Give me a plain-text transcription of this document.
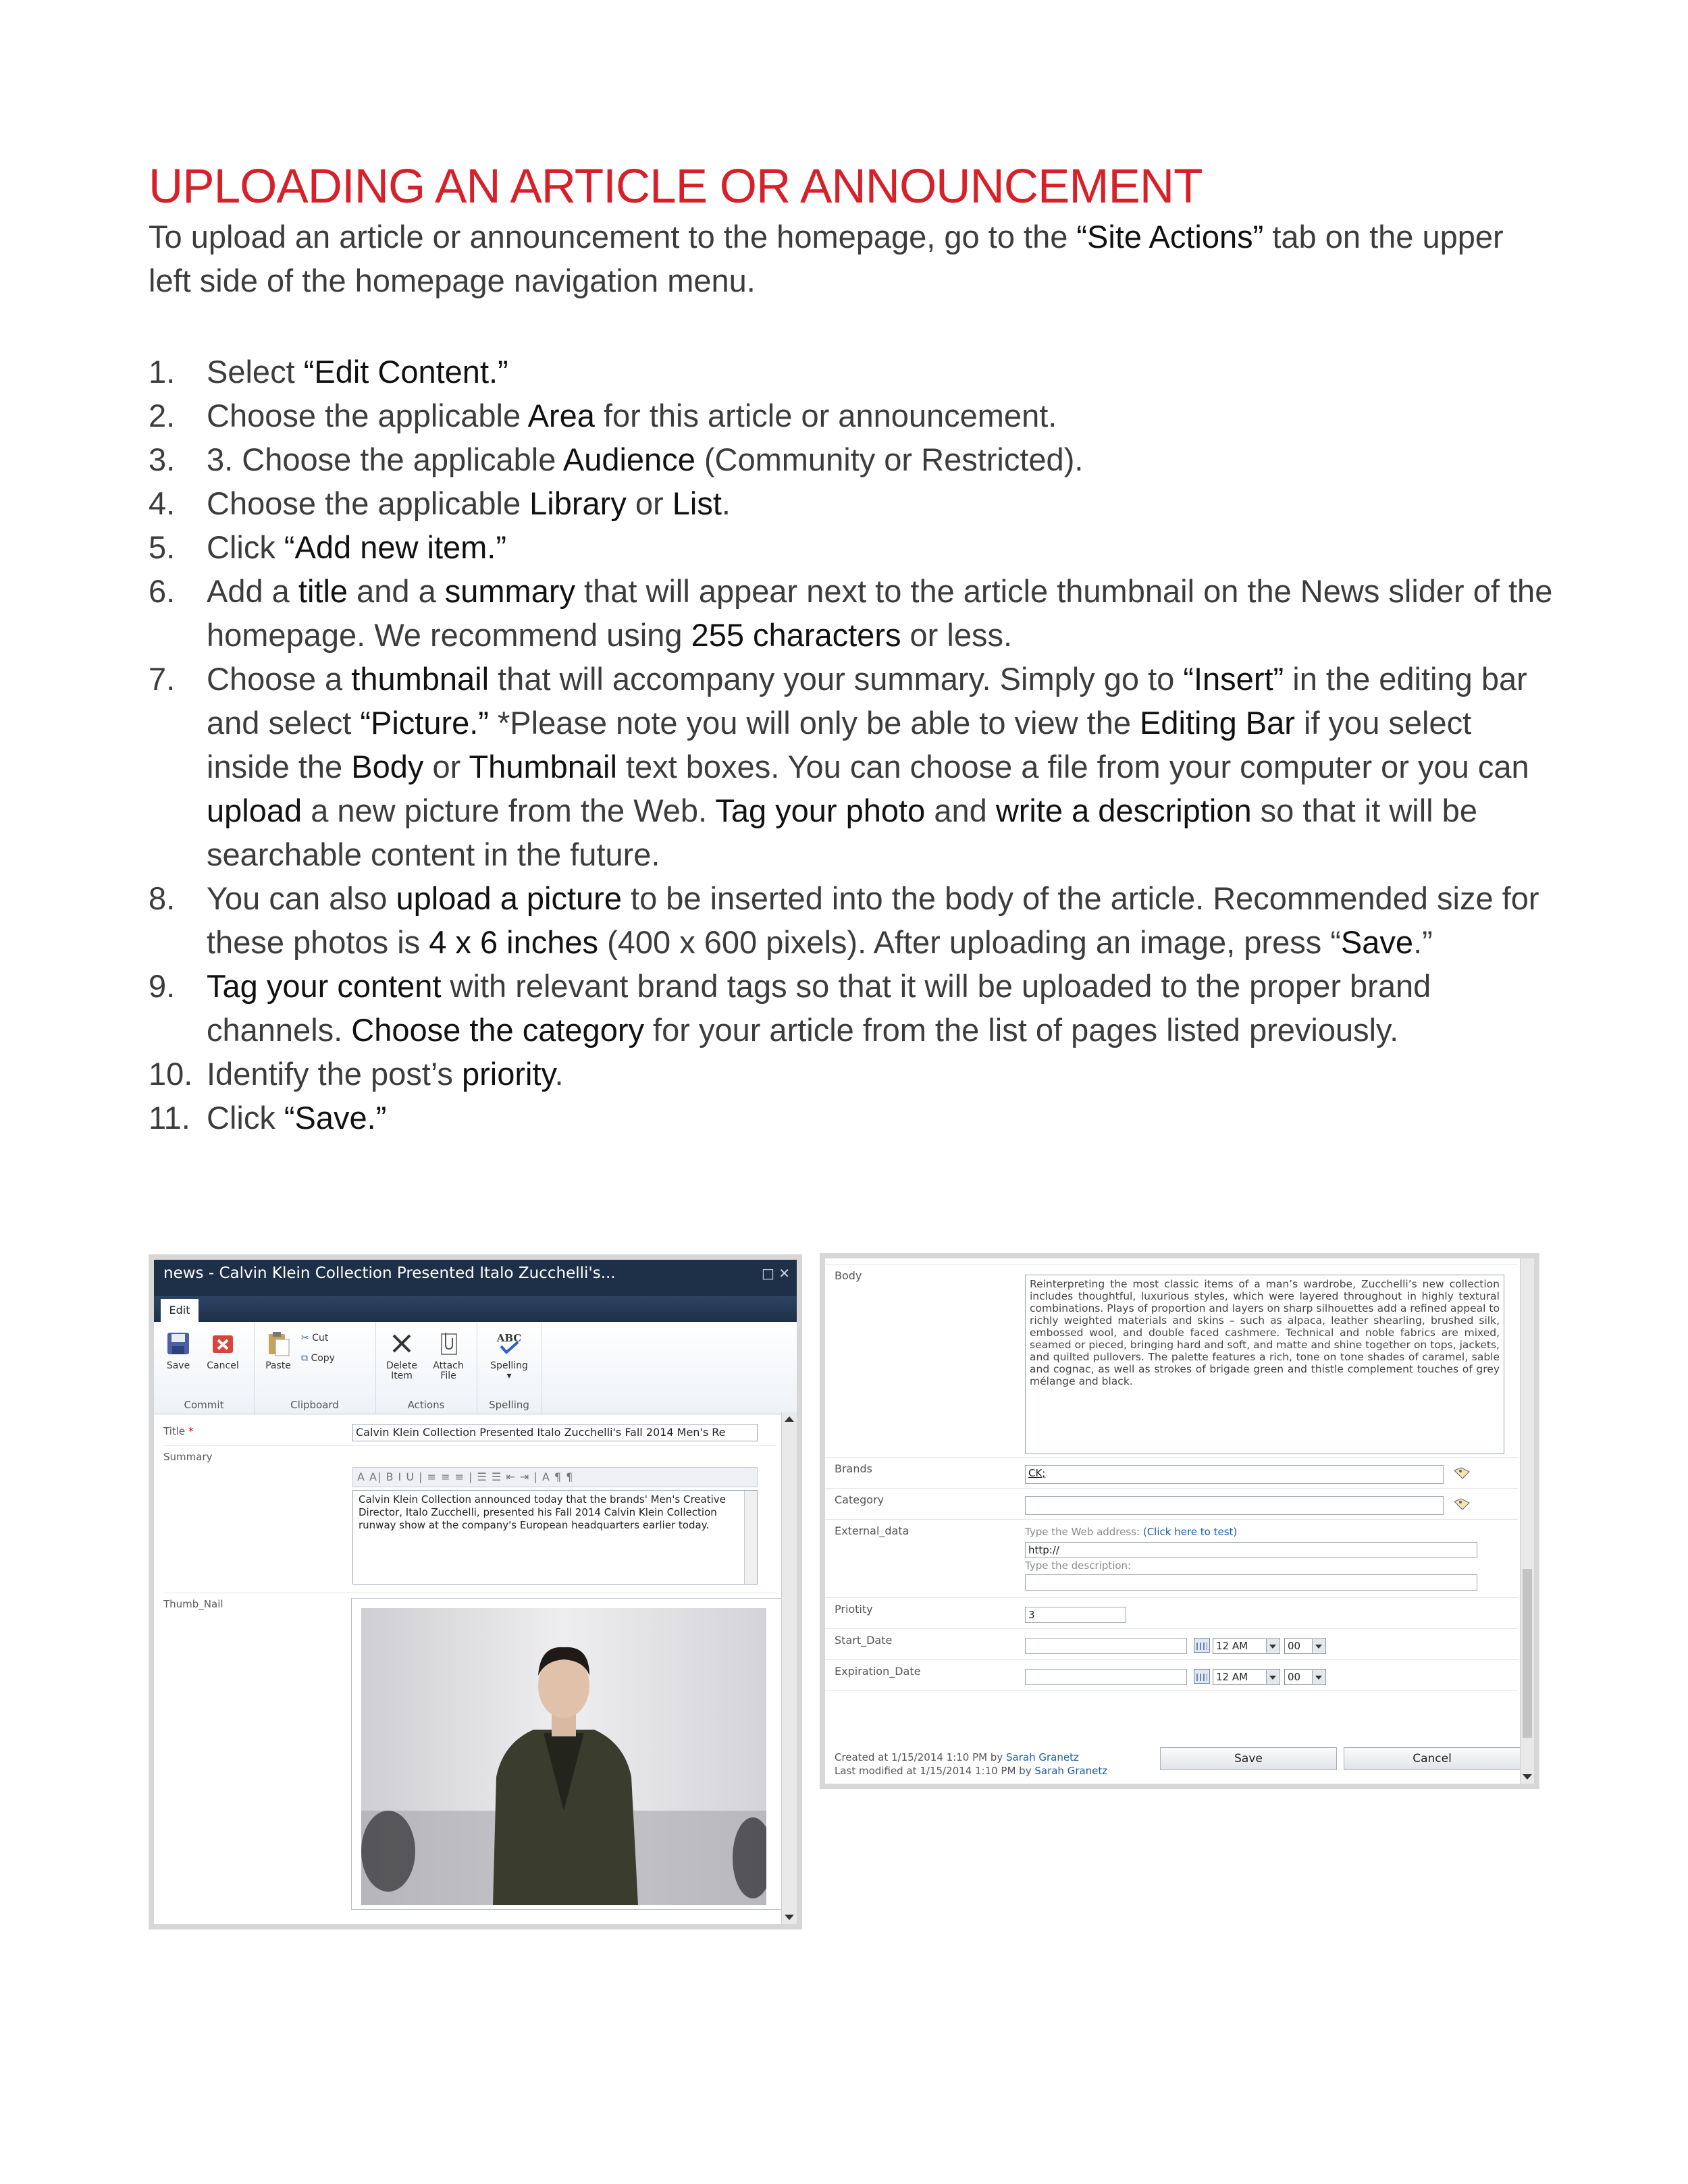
UPLOADING AN ARTICLE OR ANNOUNCEMENT

To upload an article or announcement to the homepage, go to the “Site Actions” tab on the upper left side of the homepage navigation menu.

1. Select “Edit Content.”
2. Choose the applicable Area for this article or announcement.
3. 3. Choose the applicable Audience (Community or Restricted).
4. Choose the applicable Library or List.
5. Click “Add new item.”
6. Add a title and a summary that will appear next to the article thumbnail on the News slider of the homepage. We recommend using 255 characters or less.
7. Choose a thumbnail that will accompany your summary. Simply go to “Insert” in the editing bar and select “Picture.” *Please note you will only be able to view the Editing Bar if you select inside the Body or Thumbnail text boxes. You can choose a file from your computer or you can upload a new picture from the Web. Tag your photo and write a description so that it will be searchable content in the future.
8. You can also upload a picture to be inserted into the body of the article. Recommended size for these photos is 4 x 6 inches (400 x 600 pixels). After uploading an image, press “Save.”
9. Tag your content with relevant brand tags so that it will be uploaded to the proper brand channels. Choose the category for your article from the list of pages listed previously.
10. Identify the post’s priority.
11. Click “Save.”
news - Calvin Klein Collection Presented Italo Zucchelli's...	□ ✕
Edit
Save	Cancel
Commit
Paste
✂ Cut
⧉ Copy
Clipboard
Delete
Item
Attach
File
Actions
ABC
Spelling
▾
Spelling
Title *	Calvin Klein Collection Presented Italo Zucchelli's Fall 2014 Men's Re
Summary
A A| B I U | ≡ ≡ ≡ | ☰ ☰ ⇤ ⇥ | A ¶ ¶
Calvin Klein Collection announced today that the brands' Men's Creative Director, Italo Zucchelli, presented his Fall 2014 Calvin Klein Collection runway show at the company's European headquarters earlier today.
Thumb_Nail
Body
Reinterpreting the most classic items of a man’s wardrobe, Zucchelli’s new collection includes thoughtful, luxurious styles, which were layered throughout in highly textural combinations. Plays of proportion and layers on sharp silhouettes add a refined appeal to richly weighted materials and skins – such as alpaca, leather shearling, brushed silk, embossed wool, and double faced cashmere. Technical and noble fabrics are mixed, seamed or pieced, bringing hard and soft, and matte and shine together on tops, jackets, and quilted pullovers. The palette features a rich, tone on tone shades of caramel, sable and cognac, as well as strokes of brigade green and thistle complement touches of grey mélange and black.
Brands	CK;
Category
External_data	Type the Web address: (Click here to test)
http://
Type the description:
Priotity	3
Start_Date	12 AM	00
Expiration_Date	12 AM	00
Created at 1/15/2014 1:10 PM by Sarah Granetz
Last modified at 1/15/2014 1:10 PM by Sarah Granetz
Save	Cancel
